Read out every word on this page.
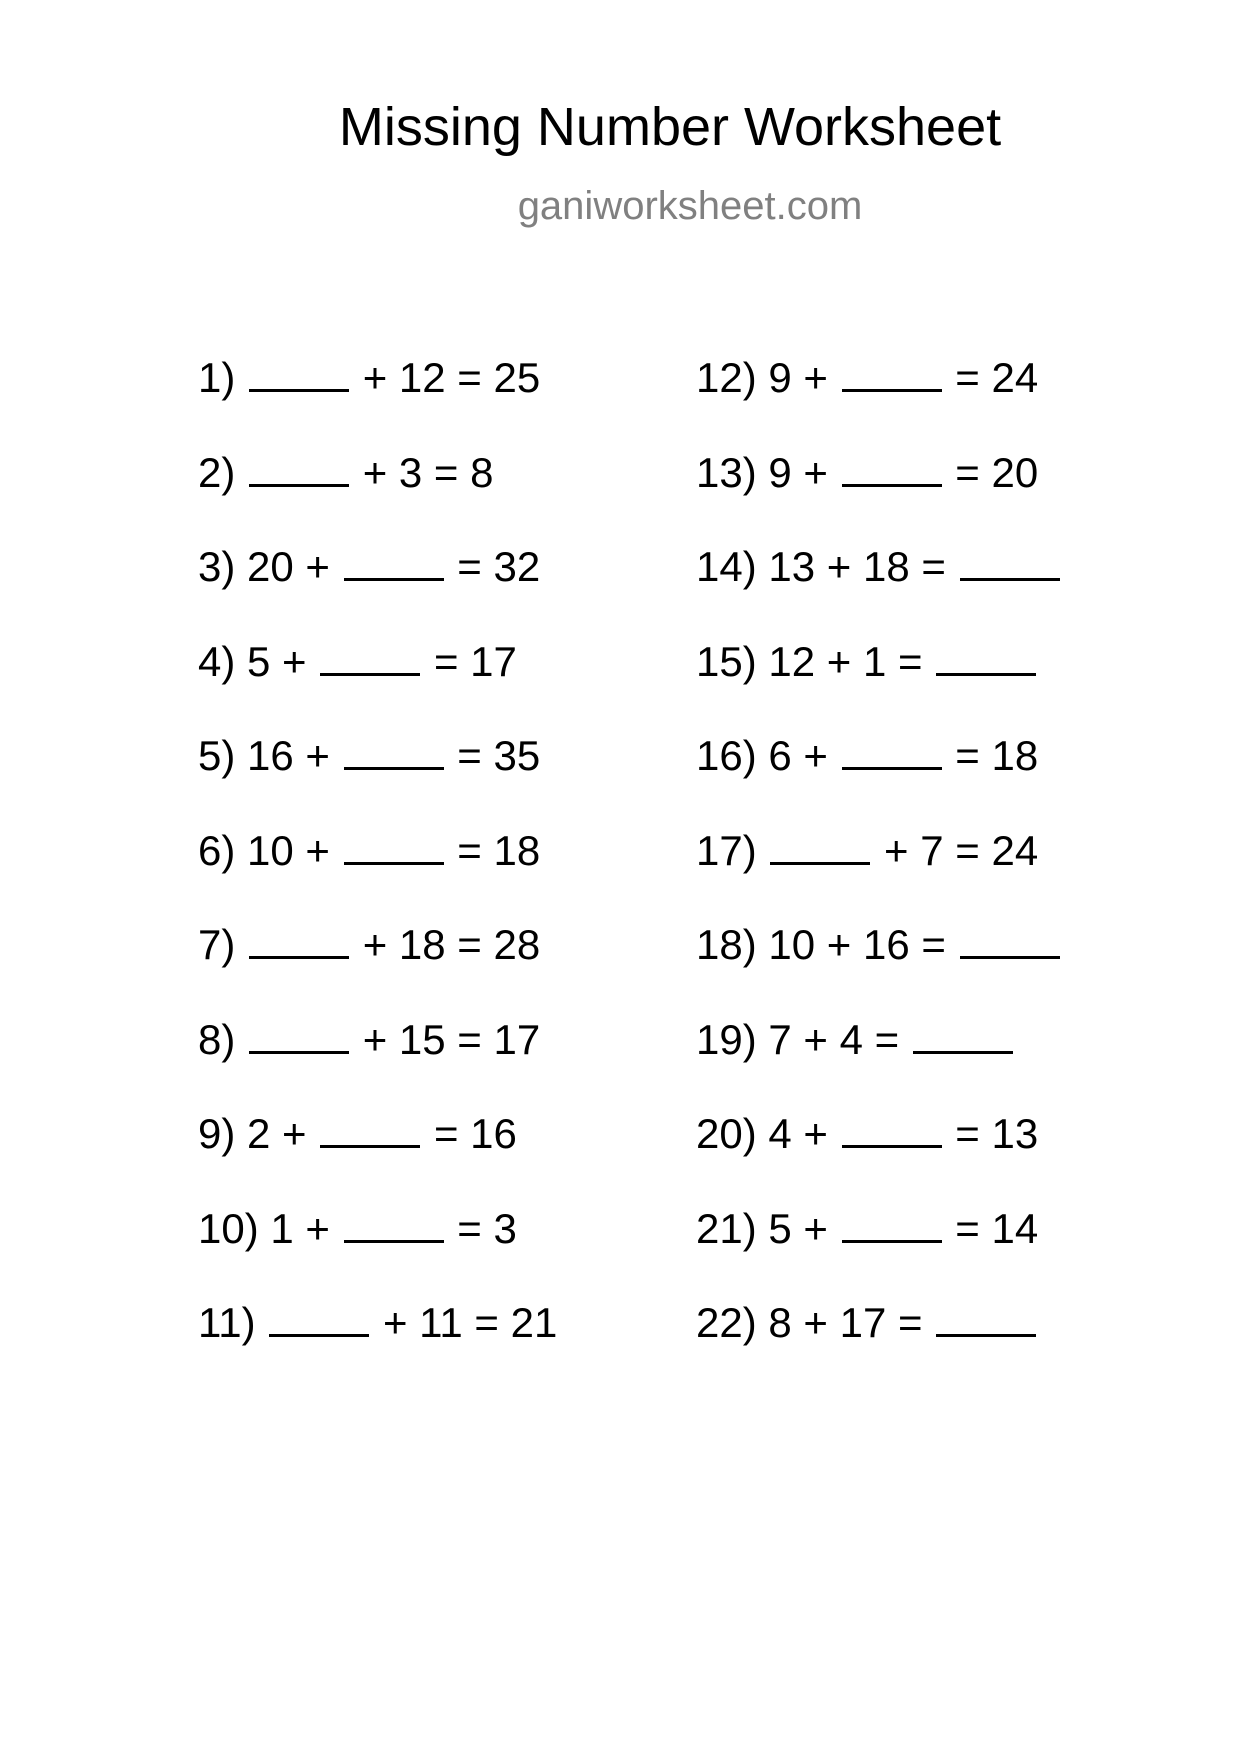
Missing Number Worksheet
ganiworksheet.com
1)	+ 12 = 25
2)	+ 3 = 8
3) 20 +	= 32
4) 5 +	= 17
5) 16 +	= 35
6) 10 +	= 18
7)	+ 18 = 28
8)	+ 15 = 17
9) 2 +	= 16
10) 1 +	= 3
11)	+ 11 = 21
12) 9 +	= 24
13) 9 +	= 20
14) 13 + 18 =
15) 12 + 1 =
16) 6 +	= 18
17)	+ 7 = 24
18) 10 + 16 =
19) 7 + 4 =
20) 4 +	= 13
21) 5 +	= 14
22) 8 + 17 =
